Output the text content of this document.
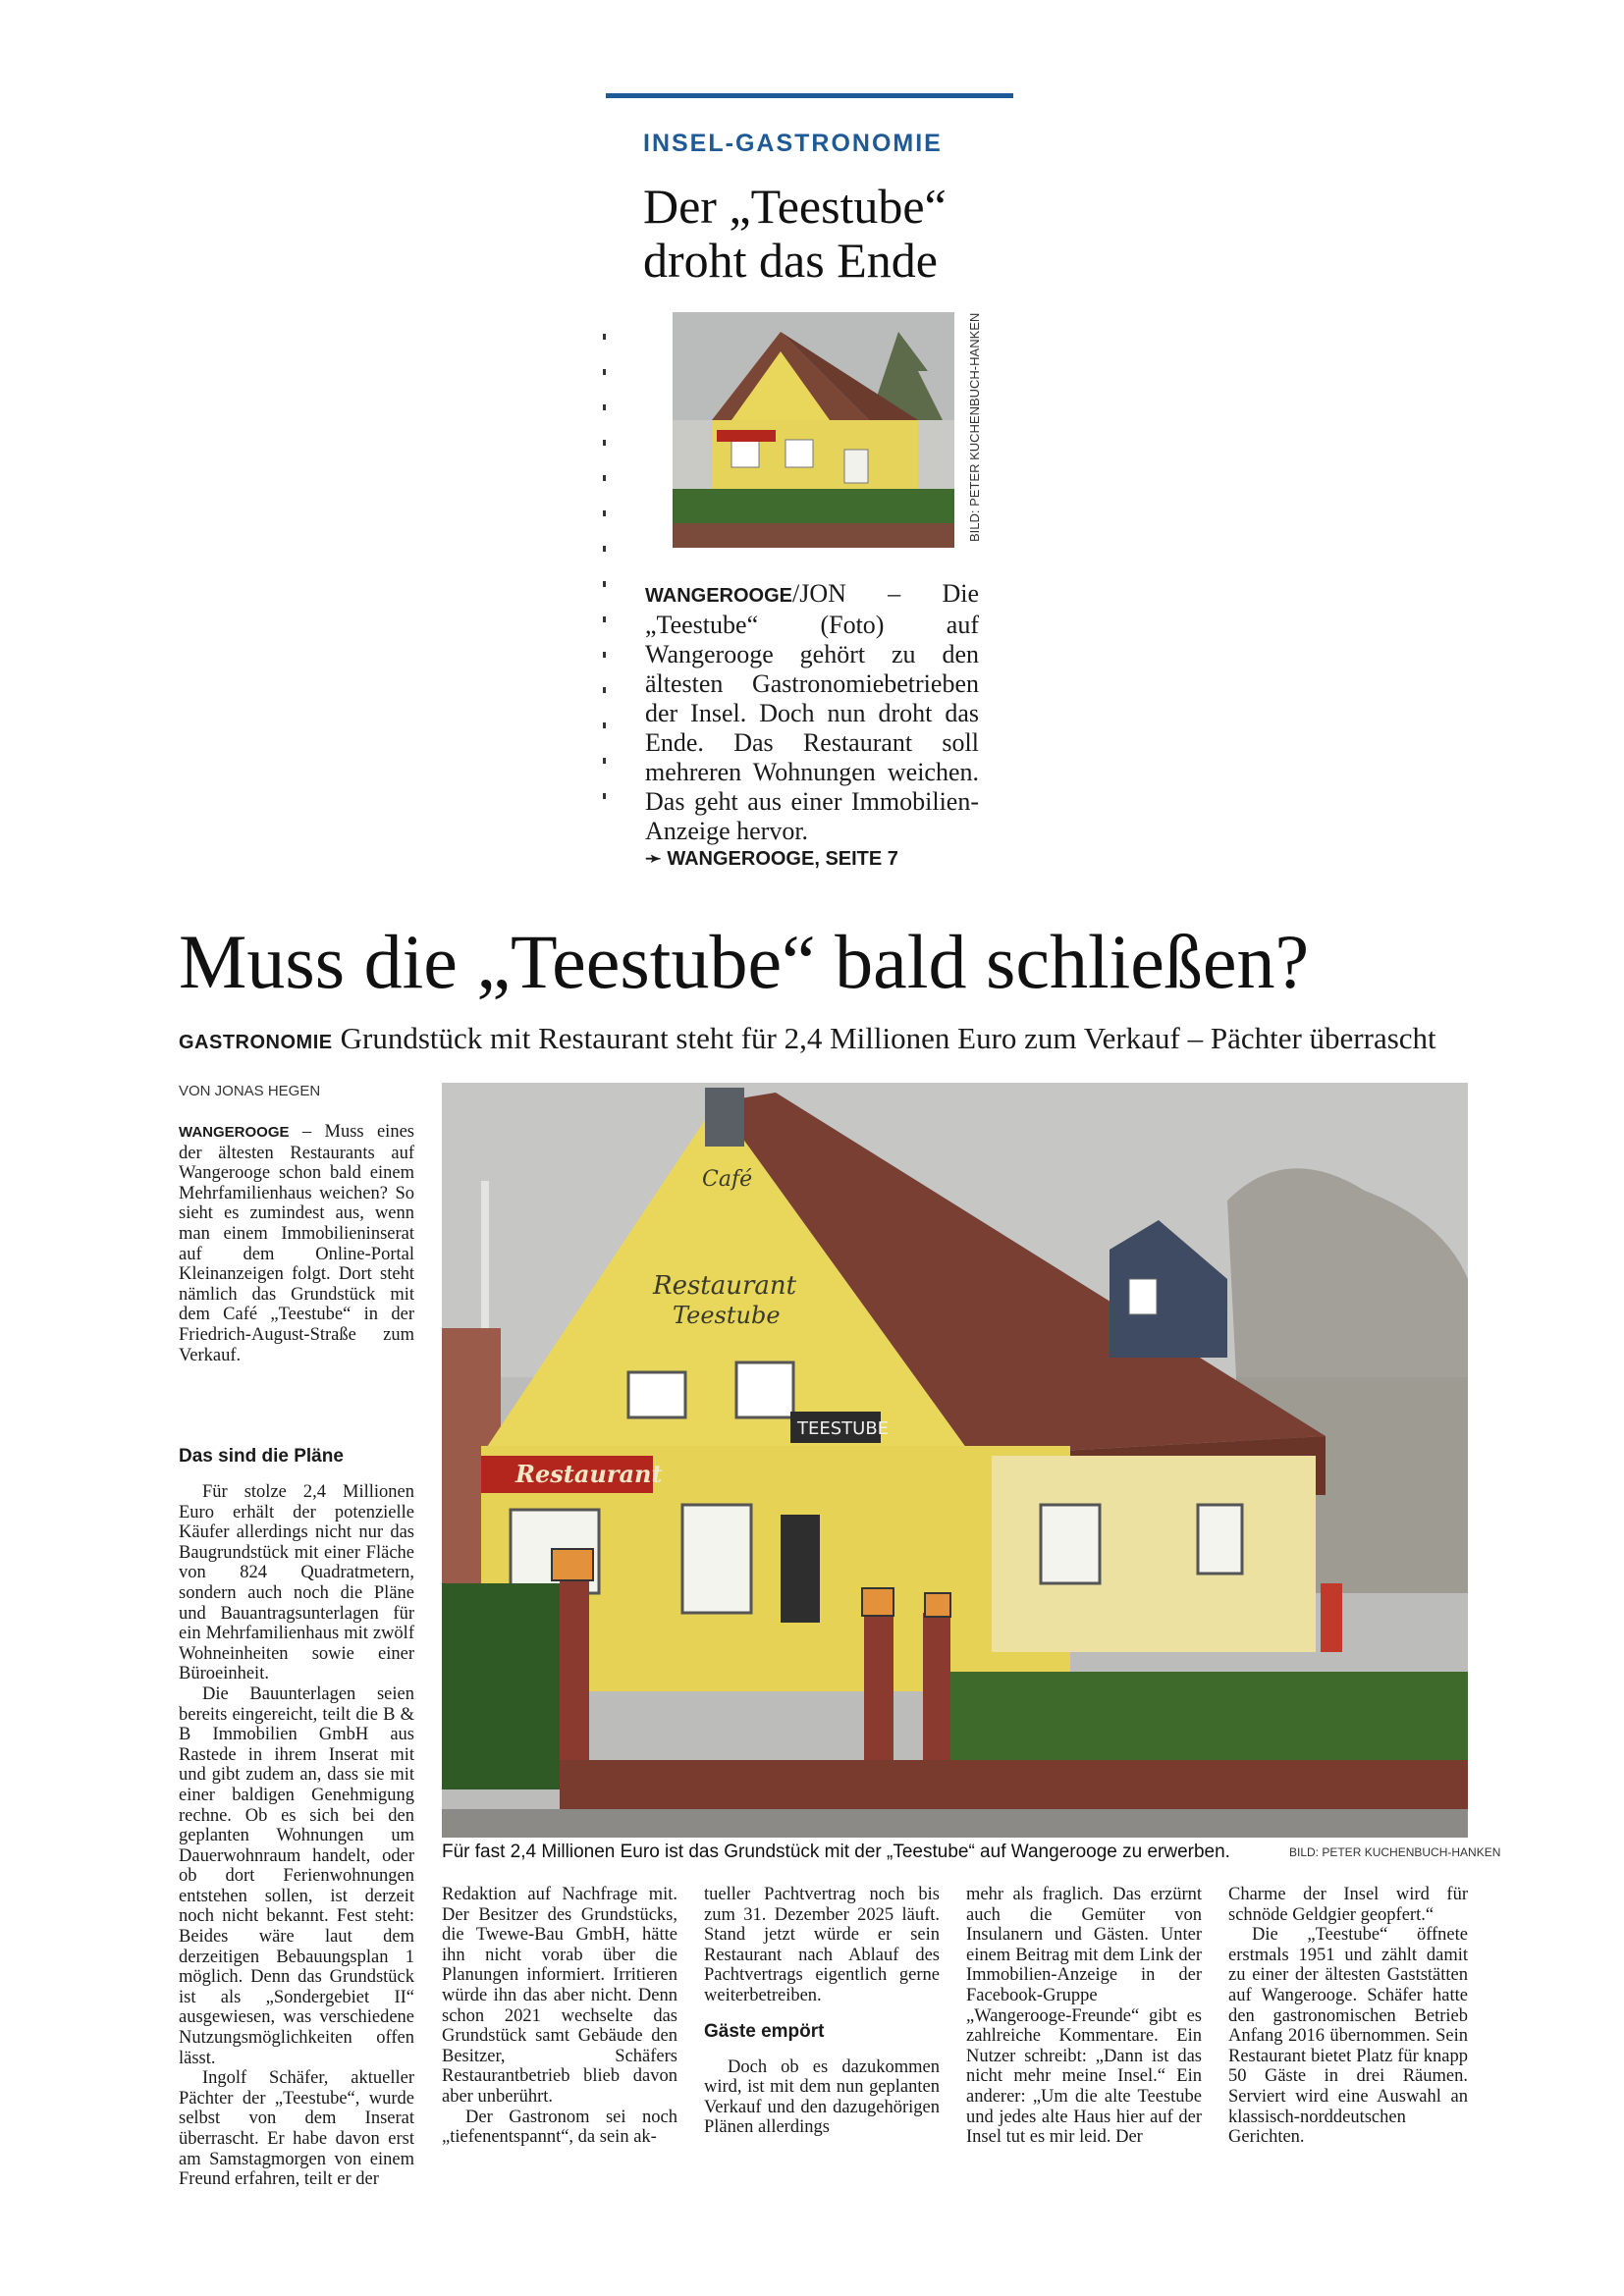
INSEL-GASTRONOMIE
Der „Teestube“ droht das Ende
BILD: PETER KUCHENBUCH-HANKEN
WANGEROOGE/JON – Die „Teestube“ (Foto) auf Wangerooge gehört zu den ältesten Gastronomiebetrieben der Insel. Doch nun droht das Ende. Das Restaurant soll mehreren Wohnungen weichen. Das geht aus einer Immobilien-Anzeige hervor.
➛ WANGEROOGE, SEITE 7
Muss die „Teestube“ bald schließen?
GASTRONOMIE Grundstück mit Restaurant steht für 2,4 Millionen Euro zum Verkauf – Pächter überrascht
VON JONAS HEGEN
Café
Restaurant
Teestube
Restaurant
TEESTUBE
Für fast 2,4 Millionen Euro ist das Grundstück mit der „Teestube“ auf Wangerooge zu erwerben.	BILD: PETER KUCHENBUCH-HANKEN

WANGEROOGE – Muss eines der ältesten Restaurants auf Wangerooge schon bald einem Mehrfamilienhaus weichen? So sieht es zumindest aus, wenn man einem Immobilieninserat auf dem Online-Portal Kleinanzeigen folgt. Dort steht nämlich das Grundstück mit dem Café „Teestube“ in der Friedrich-August-Straße zum Verkauf.

Das sind die Pläne

Für stolze 2,4 Millionen Euro erhält der potenzielle Käufer allerdings nicht nur das Baugrundstück mit einer Fläche von 824 Quadratmetern, sondern auch noch die Pläne und Bauantragsunterlagen für ein Mehrfamilienhaus mit zwölf Wohneinheiten sowie einer Büroeinheit.

Die Bauunterlagen seien bereits eingereicht, teilt die B & B Immobilien GmbH aus Rastede in ihrem Inserat mit und gibt zudem an, dass sie mit einer baldigen Genehmigung rechne. Ob es sich bei den geplanten Wohnungen um Dauerwohnraum handelt, oder ob dort Ferienwohnungen entstehen sollen, ist derzeit noch nicht bekannt. Fest steht: Beides wäre laut dem derzeitigen Bebauungsplan 1 möglich. Denn das Grundstück ist als „Sondergebiet II“ ausgewiesen, was verschiedene Nutzungsmöglichkeiten offen lässt.

Ingolf Schäfer, aktueller Pächter der „Teestube“, wurde selbst von dem Inserat überrascht. Er habe davon erst am Samstagmorgen von einem Freund erfahren, teilt er der

Redaktion auf Nachfrage mit. Der Besitzer des Grundstücks, die Twewe-Bau GmbH, hätte ihn nicht vorab über die Planungen informiert. Irritieren würde ihn das aber nicht. Denn schon 2021 wechselte das Grundstück samt Gebäude den Besitzer, Schäfers Restaurantbetrieb blieb davon aber unberührt.

Der Gastronom sei noch „tiefenentspannt“, da sein ak-

tueller Pachtvertrag noch bis zum 31. Dezember 2025 läuft. Stand jetzt würde er sein Restaurant nach Ablauf des Pachtvertrags eigentlich gerne weiterbetreiben.

Gäste empört

Doch ob es dazukommen wird, ist mit dem nun geplanten Verkauf und den dazugehörigen Plänen allerdings

mehr als fraglich. Das erzürnt auch die Gemüter von Insulanern und Gästen. Unter einem Beitrag mit dem Link der Immobilien-Anzeige in der Facebook-Gruppe „Wangerooge-Freunde“ gibt es zahlreiche Kommentare. Ein Nutzer schreibt: „Dann ist das nicht mehr meine Insel.“ Ein anderer: „Um die alte Teestube und jedes alte Haus hier auf der Insel tut es mir leid. Der

Charme der Insel wird für schnöde Geldgier geopfert.“

Die „Teestube“ öffnete erstmals 1951 und zählt damit zu einer der ältesten Gaststätten auf Wangerooge. Schäfer hatte den gastronomischen Betrieb Anfang 2016 übernommen. Sein Restaurant bietet Platz für knapp 50 Gäste in drei Räumen. Serviert wird eine Auswahl an klassisch-norddeutschen Gerichten.
